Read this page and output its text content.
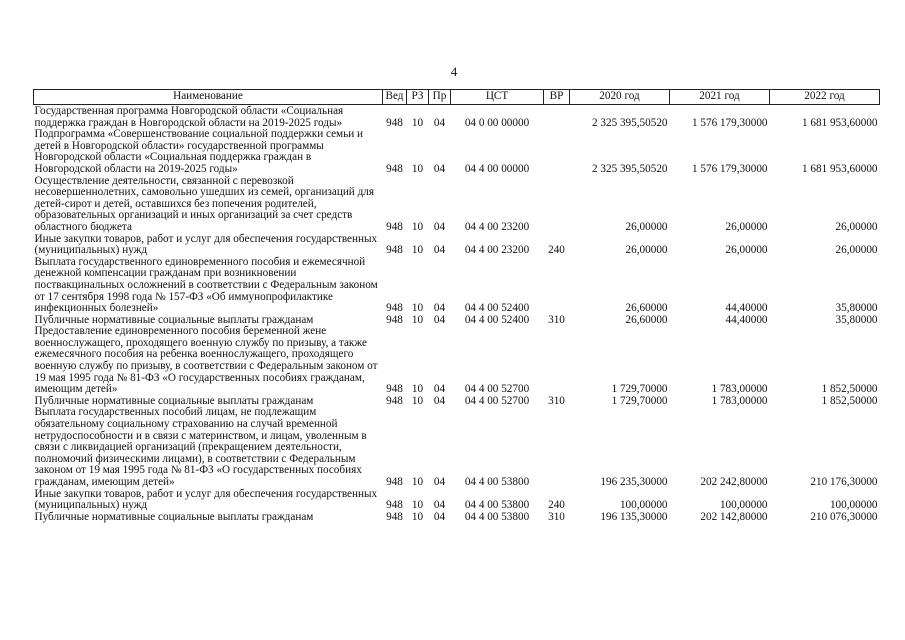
4
Наименование	Вед	РЗ	Пр	ЦСТ	ВР	2020 год	2021 год	2022 год
Государственная программа Новгородской области «Социальная поддержка граждан в Новгородской области на 2019-2025 годы»	948	10	04	04 0 00 00000		2 325 395,50520	1 576 179,30000	1 681 953,60000
Подпрограмма «Совершенствование социальной поддержки семьи и детей в Новгородской области» государственной программы Новгородской области «Социальная поддержка граждан в Новгородской области на 2019-2025 годы»	948	10	04	04 4 00 00000		2 325 395,50520	1 576 179,30000	1 681 953,60000
Осуществление деятельности, связанной с перевозкой несовершеннолетних, самовольно ушедших из семей, организаций для детей-сирот и детей, оставшихся без попечения родителей, образовательных организаций и иных организаций за счет средств областного бюджета	948	10	04	04 4 00 23200		26,00000	26,00000	26,00000
Иные закупки товаров, работ и услуг для обеспечения государственных (муниципальных) нужд	948	10	04	04 4 00 23200	240	26,00000	26,00000	26,00000
Выплата государственного единовременного пособия и ежемесячной денежной компенсации гражданам при возникновении поствакцинальных осложнений в соответствии с Федеральным законом от 17 сентября 1998 года № 157-ФЗ «Об иммунопрофилактике инфекционных болезней»	948	10	04	04 4 00 52400		26,60000	44,40000	35,80000
Публичные нормативные социальные выплаты гражданам	948	10	04	04 4 00 52400	310	26,60000	44,40000	35,80000
Предоставление единовременного пособия беременной жене военнослужащего, проходящего военную службу по призыву, а также ежемесячного пособия на ребенка военнослужащего, проходящего военную службу по призыву, в соответствии с Федеральным законом от 19 мая 1995 года № 81-ФЗ «О государственных пособиях гражданам, имеющим детей»	948	10	04	04 4 00 52700		1 729,70000	1 783,00000	1 852,50000
Публичные нормативные социальные выплаты гражданам	948	10	04	04 4 00 52700	310	1 729,70000	1 783,00000	1 852,50000
Выплата государственных пособий лицам, не подлежащим обязательному социальному страхованию на случай временной нетрудоспособности и в связи с материнством, и лицам, уволенным в связи с ликвидацией организаций (прекращением деятельности, полномочий физическими лицами), в соответствии с Федеральным законом от 19 мая 1995 года № 81-ФЗ «О государственных пособиях гражданам, имеющим детей»	948	10	04	04 4 00 53800		196 235,30000	202 242,80000	210 176,30000
Иные закупки товаров, работ и услуг для обеспечения государственных (муниципальных) нужд	948	10	04	04 4 00 53800	240	100,00000	100,00000	100,00000
Публичные нормативные социальные выплаты гражданам	948	10	04	04 4 00 53800	310	196 135,30000	202 142,80000	210 076,30000
